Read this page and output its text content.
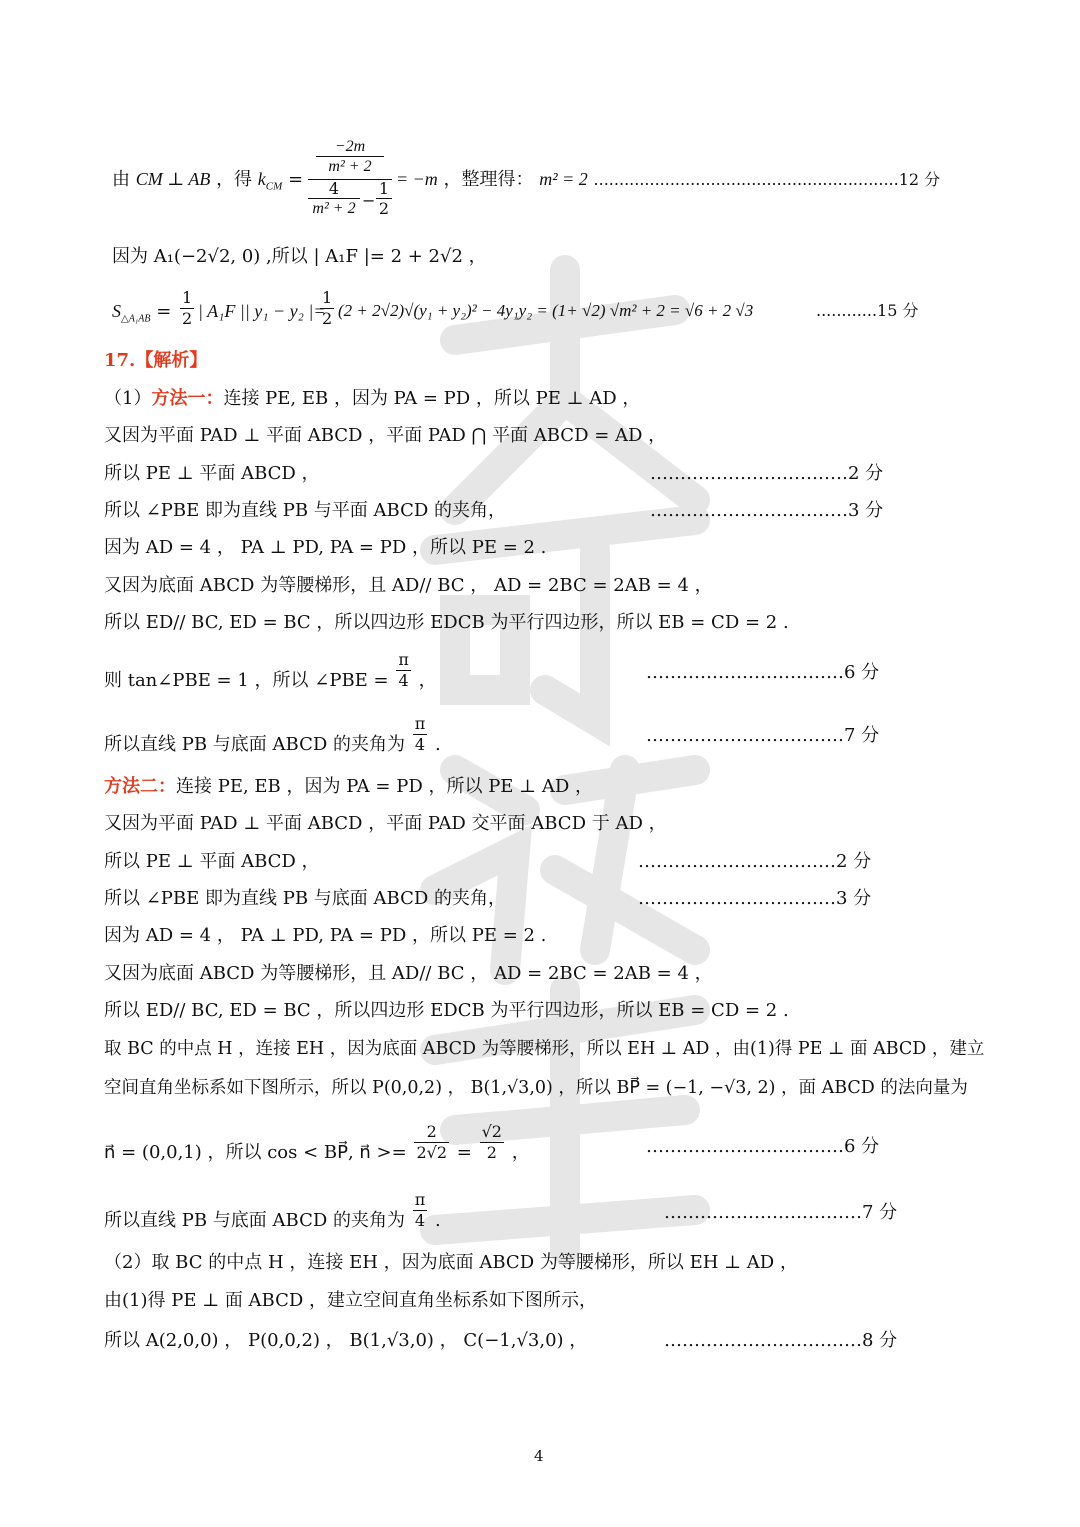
由 CM ⊥ AB ，得 $k_{CM}$ =
−2m
m² + 2
4
m² + 2 −
1
2
= −m ，整理得： m² = 2 ............................................................12 分
因为 A₁(−2√2, 0) ,所以 | A₁F |= 2 + 2√2 ，
$S_{\triangle A_1AB} = \frac{1}{2}$ | A₁F || y₁ − y₂ |=
$\frac{1}{2} (2 + 2√2)√(y_1 + y_2)^2 - 4y_1y_2 = (1+ √2) √m^2 + 2 = √6 + 2$ √3	............15 分
17.【解析】
（1）方法一：连接 PE, EB ，因为 PA = PD ，所以 PE ⊥ AD ，
又因为平面 PAD ⊥ 平面 ABCD ，平面 PAD ⋂ 平面 ABCD = AD ，
所以 PE ⊥ 平面 ABCD ，	……………………………2 分
所以 ∠PBE 即为直线 PB 与平面 ABCD 的夹角，	……………………………3 分
因为 AD = 4 ， PA ⊥ PD, PA = PD ，所以 PE = 2 .
又因为底面 ABCD 为等腰梯形，且 AD// BC ， AD = 2BC = 2AB = 4 ，
所以 ED// BC, ED = BC ，所以四边形 EDCB 为平行四边形，所以 EB = CD = 2 .
则 tan∠PBE = 1 ，所以 ∠PBE = $\frac{\pi}{4}$ ，	……………………………6 分
所以直线 PB 与底面 ABCD 的夹角为 $\frac{\pi}{4}$ .	……………………………7 分
方法二：连接 PE, EB ，因为 PA = PD ，所以 PE ⊥ AD ，
又因为平面 PAD ⊥ 平面 ABCD ，平面 PAD 交平面 ABCD 于 AD ，
所以 PE ⊥ 平面 ABCD ，	……………………………2 分
所以 ∠PBE 即为直线 PB 与底面 ABCD 的夹角，	……………………………3 分
因为 AD = 4 ， PA ⊥ PD, PA = PD ，所以 PE = 2 .
又因为底面 ABCD 为等腰梯形，且 AD// BC ， AD = 2BC = 2AB = 4 ，
所以 ED// BC, ED = BC ，所以四边形 EDCB 为平行四边形，所以 EB = CD = 2 .
取 BC 的中点 H ，连接 EH ，因为底面 ABCD 为等腰梯形，所以 EH ⊥ AD ，由(1)得 PE ⊥ 面 ABCD ，建立
空间直角坐标系如下图所示，所以 P(0,0,2) ， B(1,√3,0) ，所以 BP⃗ = (−1, −√3, 2) ，面 ABCD 的法向量为
n⃗ = (0,0,1) ，所以 cos < BP⃗, n⃗ >= $\frac{2}{2√2} = \frac{√2}{2}$ ，	……………………………6 分
所以直线 PB 与底面 ABCD 的夹角为 $\frac{\pi}{4}$ .	……………………………7 分
（2）取 BC 的中点 H ，连接 EH ，因为底面 ABCD 为等腰梯形，所以 EH ⊥ AD ，
由(1)得 PE ⊥ 面 ABCD ，建立空间直角坐标系如下图所示，
所以 A(2,0,0) ， P(0,0,2) ， B(1,√3,0) ， C(−1,√3,0) ，	……………………………8 分
4
